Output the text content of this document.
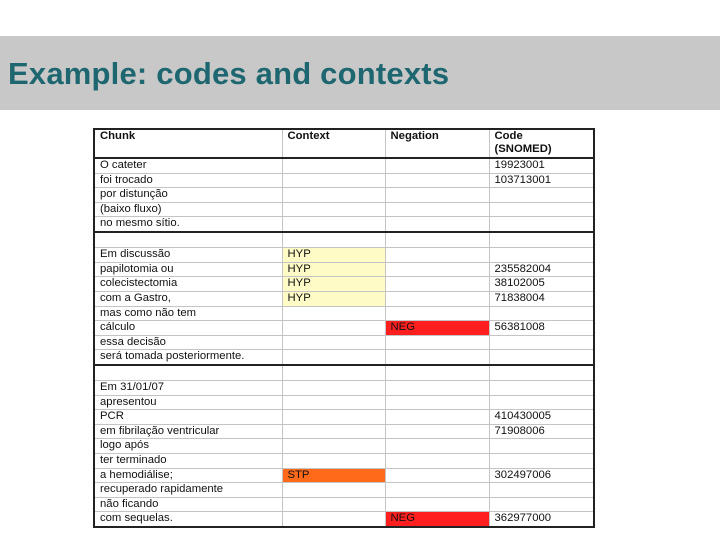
Example: codes and contexts
Chunk	Context	Negation	Code
(SNOMED)
O cateter			19923001
foi trocado			103713001
por distunção			
(baixo fluxo)			
no mesmo sítio.			

Em discussão	HYP		
papilotomia ou	HYP		235582004
colecistectomia	HYP		38102005
com a Gastro,	HYP		71838004
mas como não tem			
cálculo		NEG	56381008
essa decisão			
será tomada posteriormente.			

Em 31/01/07			
apresentou			
PCR			410430005
em fibrilação ventricular			71908006
logo após			
ter terminado			
a hemodiálise;	STP		302497006
recuperado rapidamente			
não ficando			
com sequelas.		NEG	362977000
